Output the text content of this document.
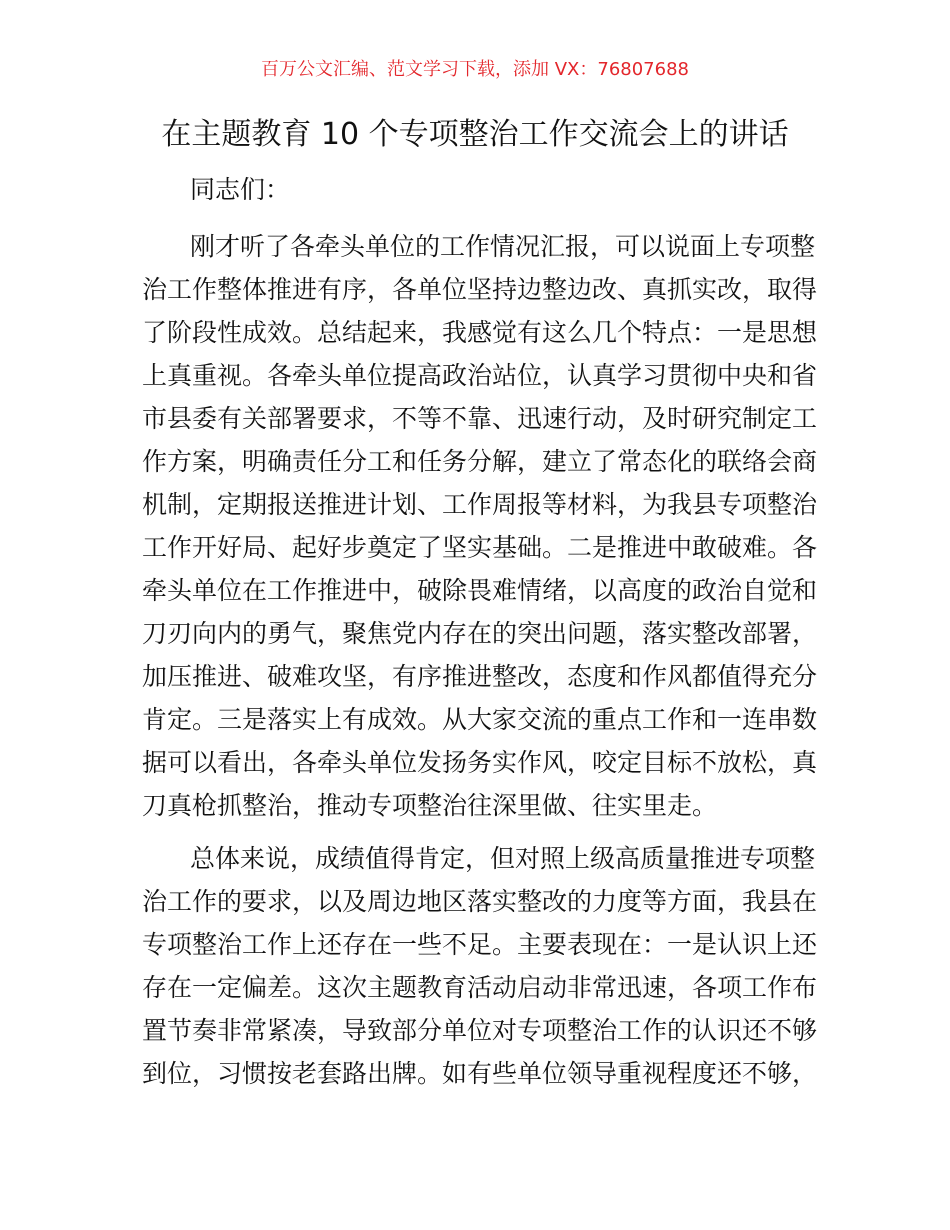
百万公文汇编、范文学习下载，添加 VX：76807688
在主题教育 10 个专项整治工作交流会上的讲话
同志们：
刚才听了各牵头单位的工作情况汇报，可以说面上专项整
治工作整体推进有序，各单位坚持边整边改、真抓实改，取得
了阶段性成效。总结起来，我感觉有这么几个特点：一是思想
上真重视。各牵头单位提高政治站位，认真学习贯彻中央和省
市县委有关部署要求，不等不靠、迅速行动，及时研究制定工
作方案，明确责任分工和任务分解，建立了常态化的联络会商
机制，定期报送推进计划、工作周报等材料，为我县专项整治
工作开好局、起好步奠定了坚实基础。二是推进中敢破难。各
牵头单位在工作推进中，破除畏难情绪，以高度的政治自觉和
刀刃向内的勇气，聚焦党内存在的突出问题，落实整改部署，
加压推进、破难攻坚，有序推进整改，态度和作风都值得充分
肯定。三是落实上有成效。从大家交流的重点工作和一连串数
据可以看出，各牵头单位发扬务实作风，咬定目标不放松，真
刀真枪抓整治，推动专项整治往深里做、往实里走。
总体来说，成绩值得肯定，但对照上级高质量推进专项整
治工作的要求，以及周边地区落实整改的力度等方面，我县在
专项整治工作上还存在一些不足。主要表现在：一是认识上还
存在一定偏差。这次主题教育活动启动非常迅速，各项工作布
置节奏非常紧凑，导致部分单位对专项整治工作的认识还不够
到位，习惯按老套路出牌。如有些单位领导重视程度还不够，
